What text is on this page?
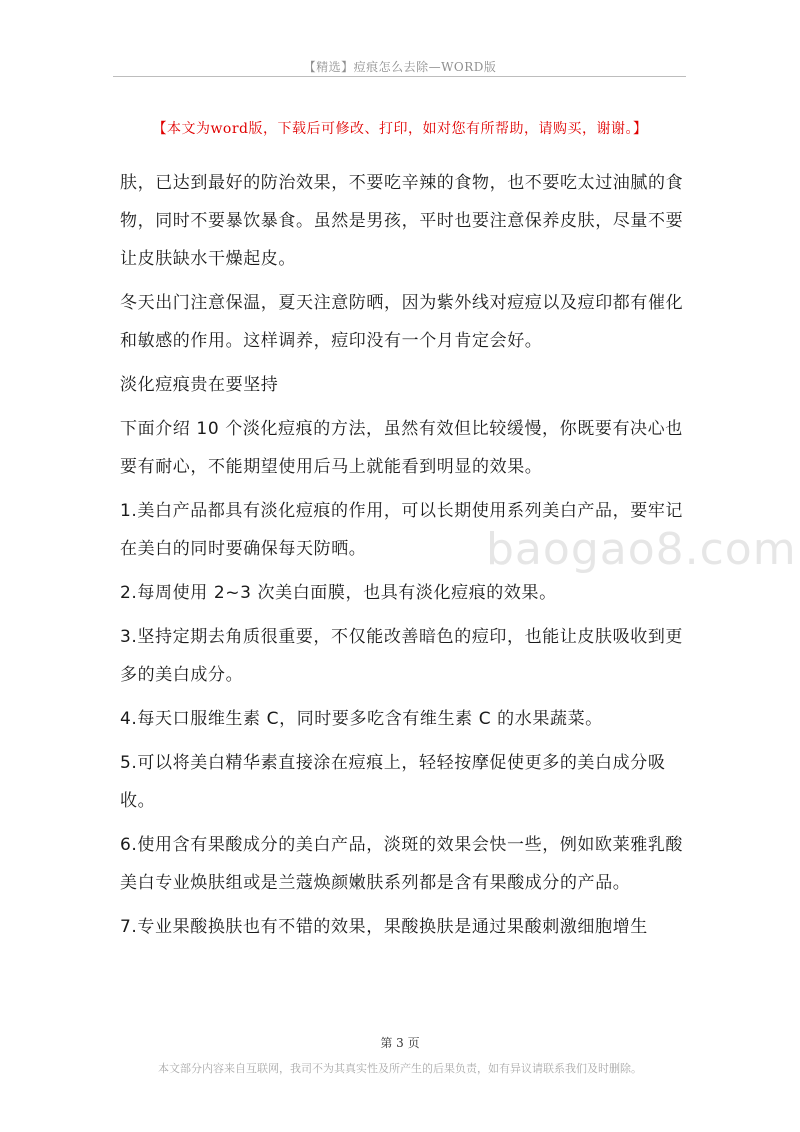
【精选】痘痕怎么去除—WORD版
【本文为word版，下载后可修改、打印，如对您有所帮助，请购买，谢谢。】

肤，已达到最好的防治效果，不要吃辛辣的食物，也不要吃太过油腻的食物，同时不要暴饮暴食。虽然是男孩，平时也要注意保养皮肤，尽量不要让皮肤缺水干燥起皮。

冬天出门注意保温，夏天注意防晒，因为紫外线对痘痘以及痘印都有催化和敏感的作用。这样调养，痘印没有一个月肯定会好。

淡化痘痕贵在要坚持

下面介绍 10 个淡化痘痕的方法，虽然有效但比较缓慢，你既要有决心也要有耐心，不能期望使用后马上就能看到明显的效果。

1.美白产品都具有淡化痘痕的作用，可以长期使用系列美白产品，要牢记在美白的同时要确保每天防晒。

2.每周使用 2~3 次美白面膜，也具有淡化痘痕的效果。

3.坚持定期去角质很重要，不仅能改善暗色的痘印，也能让皮肤吸收到更多的美白成分。

4.每天口服维生素 C，同时要多吃含有维生素 C 的水果蔬菜。

5.可以将美白精华素直接涂在痘痕上，轻轻按摩促使更多的美白成分吸收。

6.使用含有果酸成分的美白产品，淡斑的效果会快一些，例如欧莱雅乳酸美白专业焕肤组或是兰蔻焕颜嫩肤系列都是含有果酸成分的产品。

7.专业果酸换肤也有不错的效果，果酸换肤是通过果酸刺激细胞增生

baogao8.com
第 3 页
本文部分内容来自互联网，我司不为其真实性及所产生的后果负责，如有异议请联系我们及时删除。
